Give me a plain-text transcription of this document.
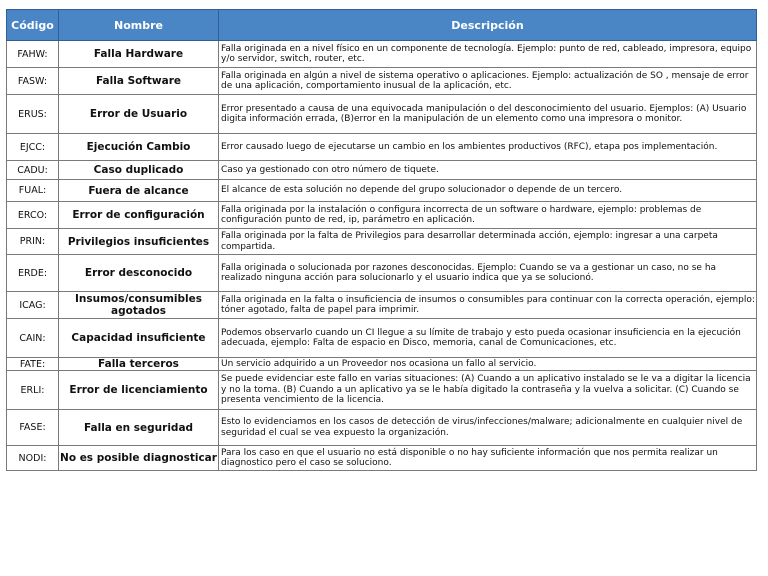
Código	Nombre	Descripción
FAHW:	Falla Hardware	Falla originada en a nivel físico en un componente de tecnología. Ejemplo: punto de red, cableado, impresora, equipo y/o servidor, switch, router, etc.
FASW:	Falla Software	Falla originada en algún a nivel de sistema operativo o aplicaciones. Ejemplo: actualización de SO , mensaje de error de una aplicación, comportamiento inusual de la aplicación, etc.
ERUS:	Error de Usuario	Error presentado a causa de una equivocada manipulación o del desconocimiento del usuario. Ejemplos: (A) Usuario digita información errada, (B)error en la manipulación de un elemento como una impresora o monitor.
EJCC:	Ejecución Cambio	Error causado luego de ejecutarse un cambio en los ambientes productivos (RFC), etapa pos implementación.
CADU:	Caso duplicado	Caso ya gestionado con otro número de tiquete.
FUAL:	Fuera de alcance	El alcance de esta solución no depende del grupo solucionador o depende de un tercero.
ERCO:	Error de configuración	Falla originada por la instalación o configura incorrecta de un software o hardware, ejemplo: problemas de configuración punto de red, ip, parámetro en aplicación.
PRIN:	Privilegios insuficientes	Falla originada por la falta de Privilegios para desarrollar determinada acción, ejemplo: ingresar a una carpeta compartida.
ERDE:	Error desconocido	Falla originada o solucionada por razones desconocidas. Ejemplo: Cuando se va a gestionar un caso, no se ha realizado ninguna acción para solucionarlo y el usuario indica que ya se solucionó.
ICAG:	Insumos/consumibles agotados	Falla originada en la falta o insuficiencia de insumos o consumibles para continuar con la correcta operación, ejemplo: tóner agotado, falta de papel para imprimir.
CAIN:	Capacidad insuficiente	Podemos observarlo cuando un CI llegue a su límite de trabajo y esto pueda ocasionar insuficiencia en la ejecución adecuada, ejemplo: Falta de espacio en Disco, memoria, canal de Comunicaciones, etc.
FATE:	Falla terceros	Un servicio adquirido a un Proveedor nos ocasiona un fallo al servicio.
ERLI:	Error de licenciamiento	Se puede evidenciar este fallo en varias situaciones: (A) Cuando a un aplicativo instalado se le va a digitar la licencia y no la toma. (B) Cuando a un aplicativo ya se le había digitado la contraseña y la vuelva a solicitar. (C) Cuando se presenta vencimiento de la licencia.
FASE:	Falla en seguridad	Esto lo evidenciamos en los casos de detección de virus/infecciones/malware; adicionalmente en cualquier nivel de seguridad el cual se vea expuesto la organización.
NODI:	No es posible diagnosticar	Para los caso en que el usuario no está disponible o no hay suficiente información que nos permita realizar un diagnostico pero el caso se soluciono.
